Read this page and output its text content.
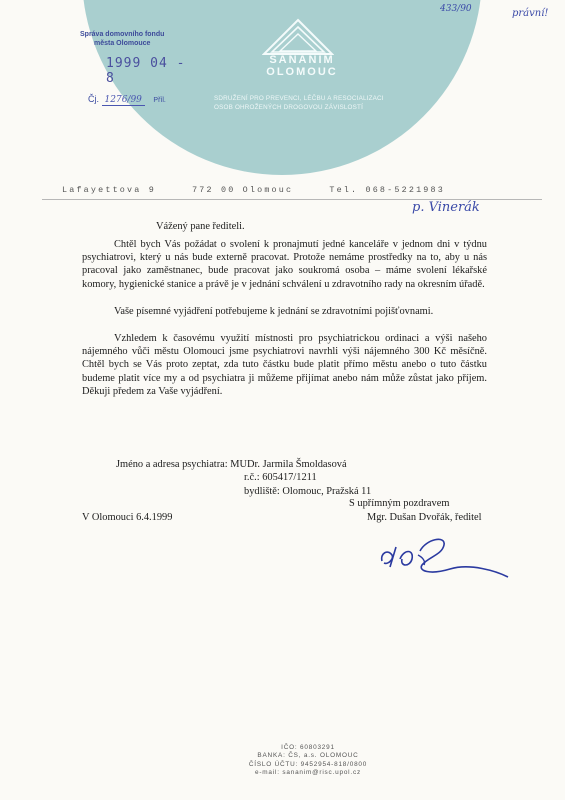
SANANIM
OLOMOUC
SDRUŽENÍ PRO PREVENCI, LÉČBU A RESOCIALIZACI
OSOB OHROŽENÝCH DROGOVOU ZÁVISLOSTÍ
Správa domovního fondu
města Olomouce
1999 04 - 8
Čj. 1276/99 Příl.
433/90	právní!
Lafayettova 9     772 00 Olomouc     Tel. 068-5221983
p. Vinerák
Vážený pane řediteli.

Chtěl bych Vás požádat o svolení k pronajmutí jedné kanceláře v jednom dni v týdnu psychiatrovi, který u nás bude externě pracovat. Protože nemáme prostředky na to, aby u nás pracoval jako zaměstnanec, bude pracovat jako soukromá osoba – máme svolení lékařské komory, hygienické stanice a právě je v jednání schválení u zdravotního rady na okresním úřadě.

Vaše písemné vyjádření potřebujeme k jednání se zdravotními pojišťovnami.

Vzhledem k časovému využití místnosti pro psychiatrickou ordinaci a výši našeho nájemného vůči městu Olomouci jsme psychiatrovi navrhli výši nájemného 300 Kč měsíčně. Chtěl bych se Vás proto zeptat, zda tuto částku bude platit přímo městu anebo o tuto částku budeme platit více my a od psychiatra ji můžeme přijímat anebo nám může zůstat jako příjem. Děkuji předem za Vaše vyjádření.

Jméno a adresa psychiatra: MUDr. Jarmila Šmoldasová
r.č.: 605417/1211
bydliště: Olomouc, Pražská 11
S upřímným pozdravem
V Olomouci 6.4.1999	Mgr. Dušan Dvořák, ředitel
IČO: 60803291
BANKA: ČS, a.s. OLOMOUC
ČÍSLO ÚČTU: 9452954-818/0800
e-mail: sananim@risc.upol.cz
